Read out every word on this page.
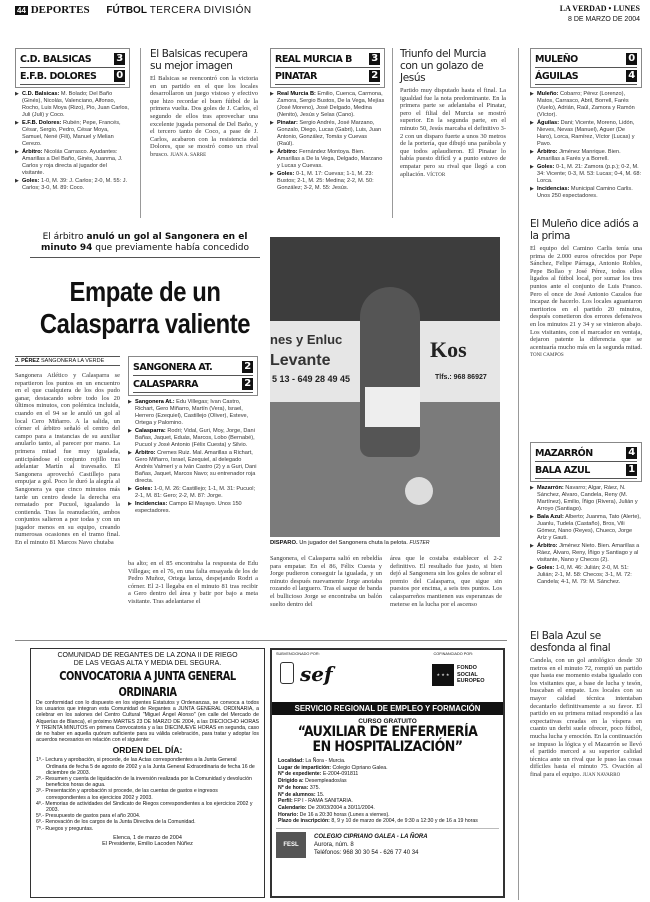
44 DEPORTES FÚTBOL TERCERA DIVISIÓN	LA VERDAD • LUNES
8 DE MARZO DE 2004
C.D. BALSICAS	3
E.F.B. DOLORES 0

▶ C.D. Balsicas: M. Bolado; Del Baño (Ginés), Nicolás, Valenciano, Alfonso, Rocho, Luis Moya (Rizo), Pio, Juan Carlos, Juli (Juli) y Coco.

▶ E.F.B. Dolores: Rubén; Pepe, Francés, César, Sergio, Pedro, César Moya, Samuel, Nené (Fili), Manuel y Melian Cerezo.

▶ Árbitro: Nicolás Carrasco. Ayudantes: Amarillas a Del Baño, Ginés, Juanma, J. Carlos y roja directa al jugador del visitante.

▶ Goles: 1-0, M. 39: J. Carlos; 2-0, M. 55: J. Carlos; 3-0, M. 89: Coco.

El Balsicas recupera su mejor imagen
El Balsicas se reencontró con la victoria en un partido en el que los locales desarrollaron un juego vistoso y efectivo que hizo recordar el buen fútbol de la primera vuelta. Dos goles de J. Carlos, el segundo de ellos tras aprovechar una excelente jugada personal de Del Baño, y el tercero tanto de Coco, a pase de J. Carlos, acabaron con la resistencia del Dolores, que se mostró como un rival brusco. JUAN A. SARRE
REAL MURCIA B 3
PINATAR	2

▶ Real Murcia B: Emilio, Cuenca, Carmona, Zamora, Sergio Bustos, De la Vega, Mejías (José Moreno), José Delgado, Medina (Nenito), Jesús y Selas (Cano).

▶ Pinatar: Sergio Andrés, José Marzano, Gonzalo, Diego, Lucas (Gabri), Luis, Juan Antonio, González, Tomás y Cuevas (Raúl).

▶ Árbitro: Fernández Montoya. Bien. Amarillas a De la Vega, Delgado, Marzano y Lucas y Cuevas.

▶ Goles: 0-1, M. 17: Cuevas; 1-1, M. 23: Bustos; 2-1, M. 25: Medina; 2-2, M. 50: González; 3-2, M. 55: Jesús.

Triunfo del Murcia con un golazo de Jesús
Partido muy disputado hasta el final. La igualdad fue la nota predominante. En la primera parte se adelantaba el Pinatar, pero el filial del Murcia se mostró superior. En la segunda parte, en el minuto 50, Jesús marcaba el definitivo 3-2 con un disparo fuerte a unos 30 metros de la portería, que dibujó una parábola y que todos aplaudieron. El Pinatar lo había puesto difícil y a punto estuvo de empatar pero su rival que llegó a con apliación. VÍCTOR
MULEÑO	0
ÁGUILAS	4

▶ Muleño: Cobarro; Pérez (Lorenzo), Matos, Carrasco, Abril, Borrell, Farés (Vuelo), Adrián, Raúl, Zamora y Ramón (Víctor).

▶ Águilas: Dani; Vicente, Moreno, Lidón, Nieves, Nevas (Manuel), Aguer (De Haro), Lorca, Ramírez, Víctor (Lucas) y Pavo.

▶ Árbitro: Jiménez Manrique. Bien. Amarillas a Farés y a Borrell.

▶ Goles: 0-1, M. 21: Zamora (p.p.); 0-2, M. 34: Vicente; 0-3, M. 53: Lucas; 0-4, M. 68: Lorca.

▶ Incidencias: Municipal Camino Carlis. Unos 250 espectadores.

El Muleño dice adiós a la prima
El equipo del Camino Carlis tenía una prima de 2.000 euros ofrecidos por Pepe Sánchez, Felipe Párraga, Antonio Robles, Pepe Bollao y José Pérez, todos ellos ligados al fútbol local, por sumar los tres puntos ante el conjunto de Luis Franco. Pero el once de José Antonio Cazalos fue incapaz de hacerlo. Los locales aguantaron meritorios en el partido 20 minutos, después cometieron dos errores defensivos en los minutos 21 y 34 y se vinieron abajo. Los visitantes, con el marcador en ventaja, dejaron patente la diferencia que se acentuaría mucho más en la segunda mitad. TONI CAMPOS
El árbitro anuló un gol al Sangonera en el minuto 94 que previamente había concedido
Empate de un Calasparra valiente
J. PÉREZ SANGONERA LA VERDE
Sangonera Atlético y Calasparra se repartieron los puntos en un encuentro en el que cualquiera de los dos pudo ganar, destacando sobre todo los 20 últimos minutos, con polémica incluida, cuando en el 94 se le anuló un gol al local Cero Miñarro. A la salida, un córner el árbitro señaló el centro del campo para a instancias de su auxiliar anularlo tanto, al parecer por mano. La primera mitad fue muy igualada, anticipándose el conjunto rojillo tras adelantar Martín al travesaño. El Sangonera aprovechó Castillejo para empujar a gol. Poco le duró la alegría al Sangonera ya que cinco minutos más tarde un centro desde la derecha era rematado por Pucuol, igualando la contienda. Tras la reanudación, ambos conjuntos salieron a por todas y con un jugador menos en su equipo, creando numerosas ocasiones en el tramo final. En el minuto 81 Marcos Navo chutaba
SANGONERA AT.	2
CALASPARRA	2

▶ Sangonera At.: Edu Villegas; Ivan Castro, Richart, Gero Miñarro, Martín (Vera), Israel, Herrero (Ezequiel), Castillejo (Oliver), Esteve, Ortega y Palomino.

▶ Calasparra: Rodri; Vidal, Guri, Moy, Jorge, Dani Bañas, Jaquet, Eduás, Marcos, Lobo (Bernabé), Pucuol y José Antonio (Félix Cuesta) y Silvio.

▶ Árbitro: Cremes Ruiz. Mal. Amarillas a Richart, Gero Miñarro, Israel, Ezequiel, al delegado Andrés Valmerí y a Iván Castro (2) y a Guri, Dani Bañas, Jaquet, Marcos Navo; su entrenador roja directa.

▶ Goles: 1-0, M. 26: Castillejo; 1-1, M. 31: Pucuol; 2-1, M. 81: Gero; 2-2, M. 87: Jorge.

▶ Incidencias: Campo El Mayayo. Unos 150 espectadores.

ba alto; en el 85 encontraba la respuesta de Edu Villegas; en el 76, en una falta ensayada de los de Pedro Muñoz, Ortega lanza, despejando Rodri a córner. El 2-1 llegaba en el minuto 81 tras recibir a Gero dentro del área y batir por bajo a meta visitante. Tras adelantarse el
Sangonera, el Calasparra salió en rebeldía para empatar. En el 86, Félix Cuesta y Jorge pudieron conseguir la igualada, y un minuto después nuevamente Jorge anotaba rozando el larguero. Tras el saque de banda el bullicioso Jorge se encontraba un balón suelto dentro del
área que le costaba establecer el 2-2 definitivo. El resultado fue justo, si bien dejó al Sangonera sin los goles de sobrar el premio del Calasparra, que sigue sin puestos por encima, a seis tres puntos. Los calasparreños mantienen sus esperanzas de meterse en la lucha por el ascenso
nes y Enluc
Levante
5 13 - 649 28 49 45
Kos
Tlfs.: 968 86927
DISPARO. Un jugador del Sangonera chuta la pelota. FUSTER
MAZARRÓN	4
BALA AZUL	1

▶ Mazarrón: Navarro; Algar, Ráez, N. Sánchez, Alvaro, Candela, Reny (M. Martínez), Emilio, Íñigo (Rivera), Julián y Arroyo (Santiago).

▶ Bala Azul: Alberto; Juanma, Tato (Alerte), Juanlu, Tudela (Castaño), Bros, Vili Gómez, Nano (Reyes), Chueco, Jorge Aríz y Gauti.

▶ Árbitro: Jiménez Nieto. Bien. Amarillas a Ráez, Álvaro, Reny, Íñigo y Santiago y al visitante, Nano y Checos (2).

▶ Goles: 1-0, M. 46: Julián; 2-0, M. 51: Julián; 2-1, M. 58: Checos; 3-1, M. 72: Candela; 4-1, M. 79: M. Sánchez.

El Bala Azul se desfonda al final
Candela, con un gol antológico desde 30 metros en el minuto 72, rompió un partido que hasta ese momento estaba igualado con los visitantes que, a base de lucha y tesón, buscaban el empate. Los locales con su mayor calidad técnica intentaban decantarlo definitivamente a su favor. El partido en su primera mitad respondió a las expectativas creadas en la víspera en cuanto un derbi suele ofrecer, poco fútbol, mucha lucha y emoción. En la continuación se impuso la lógica y el Mazarrón se llevó el partido merced a su superior calidad técnica ante un rival que le puso las cosas difíciles hasta el minuto 75. Ovación al final para el equipo. JUAN NAVARRO
COMUNIDAD DE REGANTES DE LA ZONA II DE RIEGO
DE LAS VEGAS ALTA Y MEDIA DEL SEGURA.
CONVOCATORIA A JUNTA GENERAL ORDINARIA
De conformidad con lo dispuesto en los vigentes Estatutos y Ordenanzas, se convoca a todos los usuarios que integran esta Comunidad de Regantes a JUNTA GENERAL ORDINARIA, a celebrar en los salones del Centro Cultural "Miguel Ángel Alonso" (en calle del Mercado de Alquerías de Blanca), el próximo MARTES 23 DE MARZO DE 2004, a las DIECIOCHO HORAS Y TREINTA MINUTOS en primera Convocatoria y a las DIECINUEVE HORAS en segunda, caso de no haber en aquella quórum suficiente para su válida celebración, para tratar y adoptar los acuerdos necesarios en relación con el siguiente:
ORDEN DEL DÍA:
1º.- Lectura y aprobación, si procede, de las Actas correspondientes a la Junta General Ordinaria de fecha 5 de agosto de 2002 y a la Junta General Extraordinaria de fecha 16 de diciembre de 2003.
2º.- Resumen y cuenta de liquidación de la inversión realizada por la Comunidad y devolución beneficios horas de agua.
3º.- Presentación y aprobación si procede, de las cuentas de gastos e ingresos correspondientes a los ejercicios 2002 y 2003.
4º.- Memorias de actividades del Sindicato de Riegos correspondientes a los ejercicios 2002 y 2003.
5º.- Presupuesto de gastos para el año 2004.
6º.- Renovación de los cargos de la Junta Directiva de la Comunidad.
7º.- Ruegos y preguntas.
Elenca, 1 de marzo de 2004
El Presidente, Emilio Lacoden Núñez
SUBVENCIONADO POR:	COFINANCIADO POR:
sef	★ ★ ★
FONDO SOCIAL EUROPEO
SERVICIO REGIONAL DE EMPLEO Y FORMACIÓN
CURSO GRATUITO
“AUXILIAR DE ENFERMERÍA EN HOSPITALIZACIÓN”
Localidad: La Ñora - Murcia.
Lugar de impartición: Colegio Cipriano Galea.
Nº de expediente: E-2004-091811
Dirigido a: Desempleados/as
Nº de horas: 375.
Nº de alumnos: 15.
Perfil: FP I - RAMA SANITARIA.
Calendario: De 20/03/2004 a 30/11/2004.
Horario: De 16 a 20:30 horas (Lunes a viernes).
Plazo de inscripción: 8, 9 y 10 de marzo de 2004, de 9:30 a 12:30 y de 16 a 19 horas
FESL
COLEGIO CIPRIANO GALEA - LA ÑORA
Aurora, núm. 8
Teléfonos: 968 30 30 54 - 626 77 40 34
